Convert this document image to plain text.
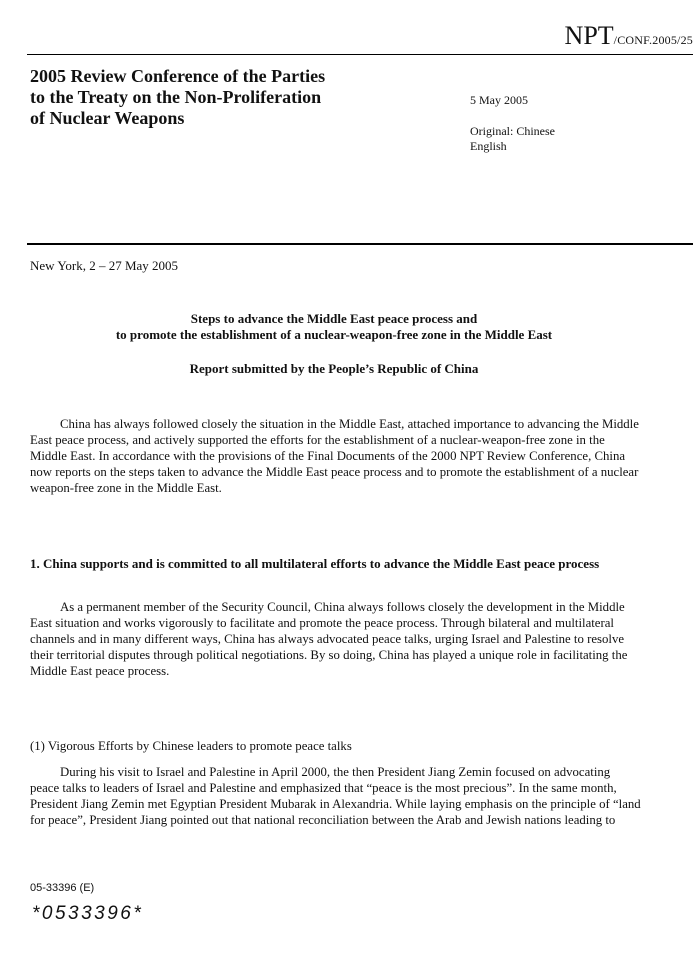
NPT/CONF.2005/25
2005 Review Conference of the Parties
to the Treaty on the Non-Proliferation
of Nuclear Weapons
5 May 2005
Original: Chinese
English
New York, 2 – 27 May 2005
Steps to advance the Middle East peace process and
to promote the establishment of a nuclear-weapon-free zone in the Middle East
Report submitted by the People’s Republic of China
China has always followed closely the situation in the Middle East, attached importance to advancing the Middle East peace process, and actively supported the efforts for the establishment of a nuclear-weapon-free zone in the Middle East. In accordance with the provisions of the Final Documents of the 2000 NPT Review Conference, China now reports on the steps taken to advance the Middle East peace process and to promote the establishment of a nuclear weapon-free zone in the Middle East.
1. China supports and is committed to all multilateral efforts to advance the Middle East peace process
As a permanent member of the Security Council, China always follows closely the development in the Middle East situation and works vigorously to facilitate and promote the peace process. Through bilateral and multilateral channels and in many different ways, China has always advocated peace talks, urging Israel and Palestine to resolve their territorial disputes through political negotiations. By so doing, China has played a unique role in facilitating the Middle East peace process.
(1) Vigorous Efforts by Chinese leaders to promote peace talks
During his visit to Israel and Palestine in April 2000, the then President Jiang Zemin focused on advocating peace talks to leaders of Israel and Palestine and emphasized that “peace is the most precious”. In the same month, President Jiang Zemin met Egyptian President Mubarak in Alexandria. While laying emphasis on the principle of “land for peace”, President Jiang pointed out that national reconciliation between the Arab and Jewish nations leading to
05-33396 (E)
*0533396*
